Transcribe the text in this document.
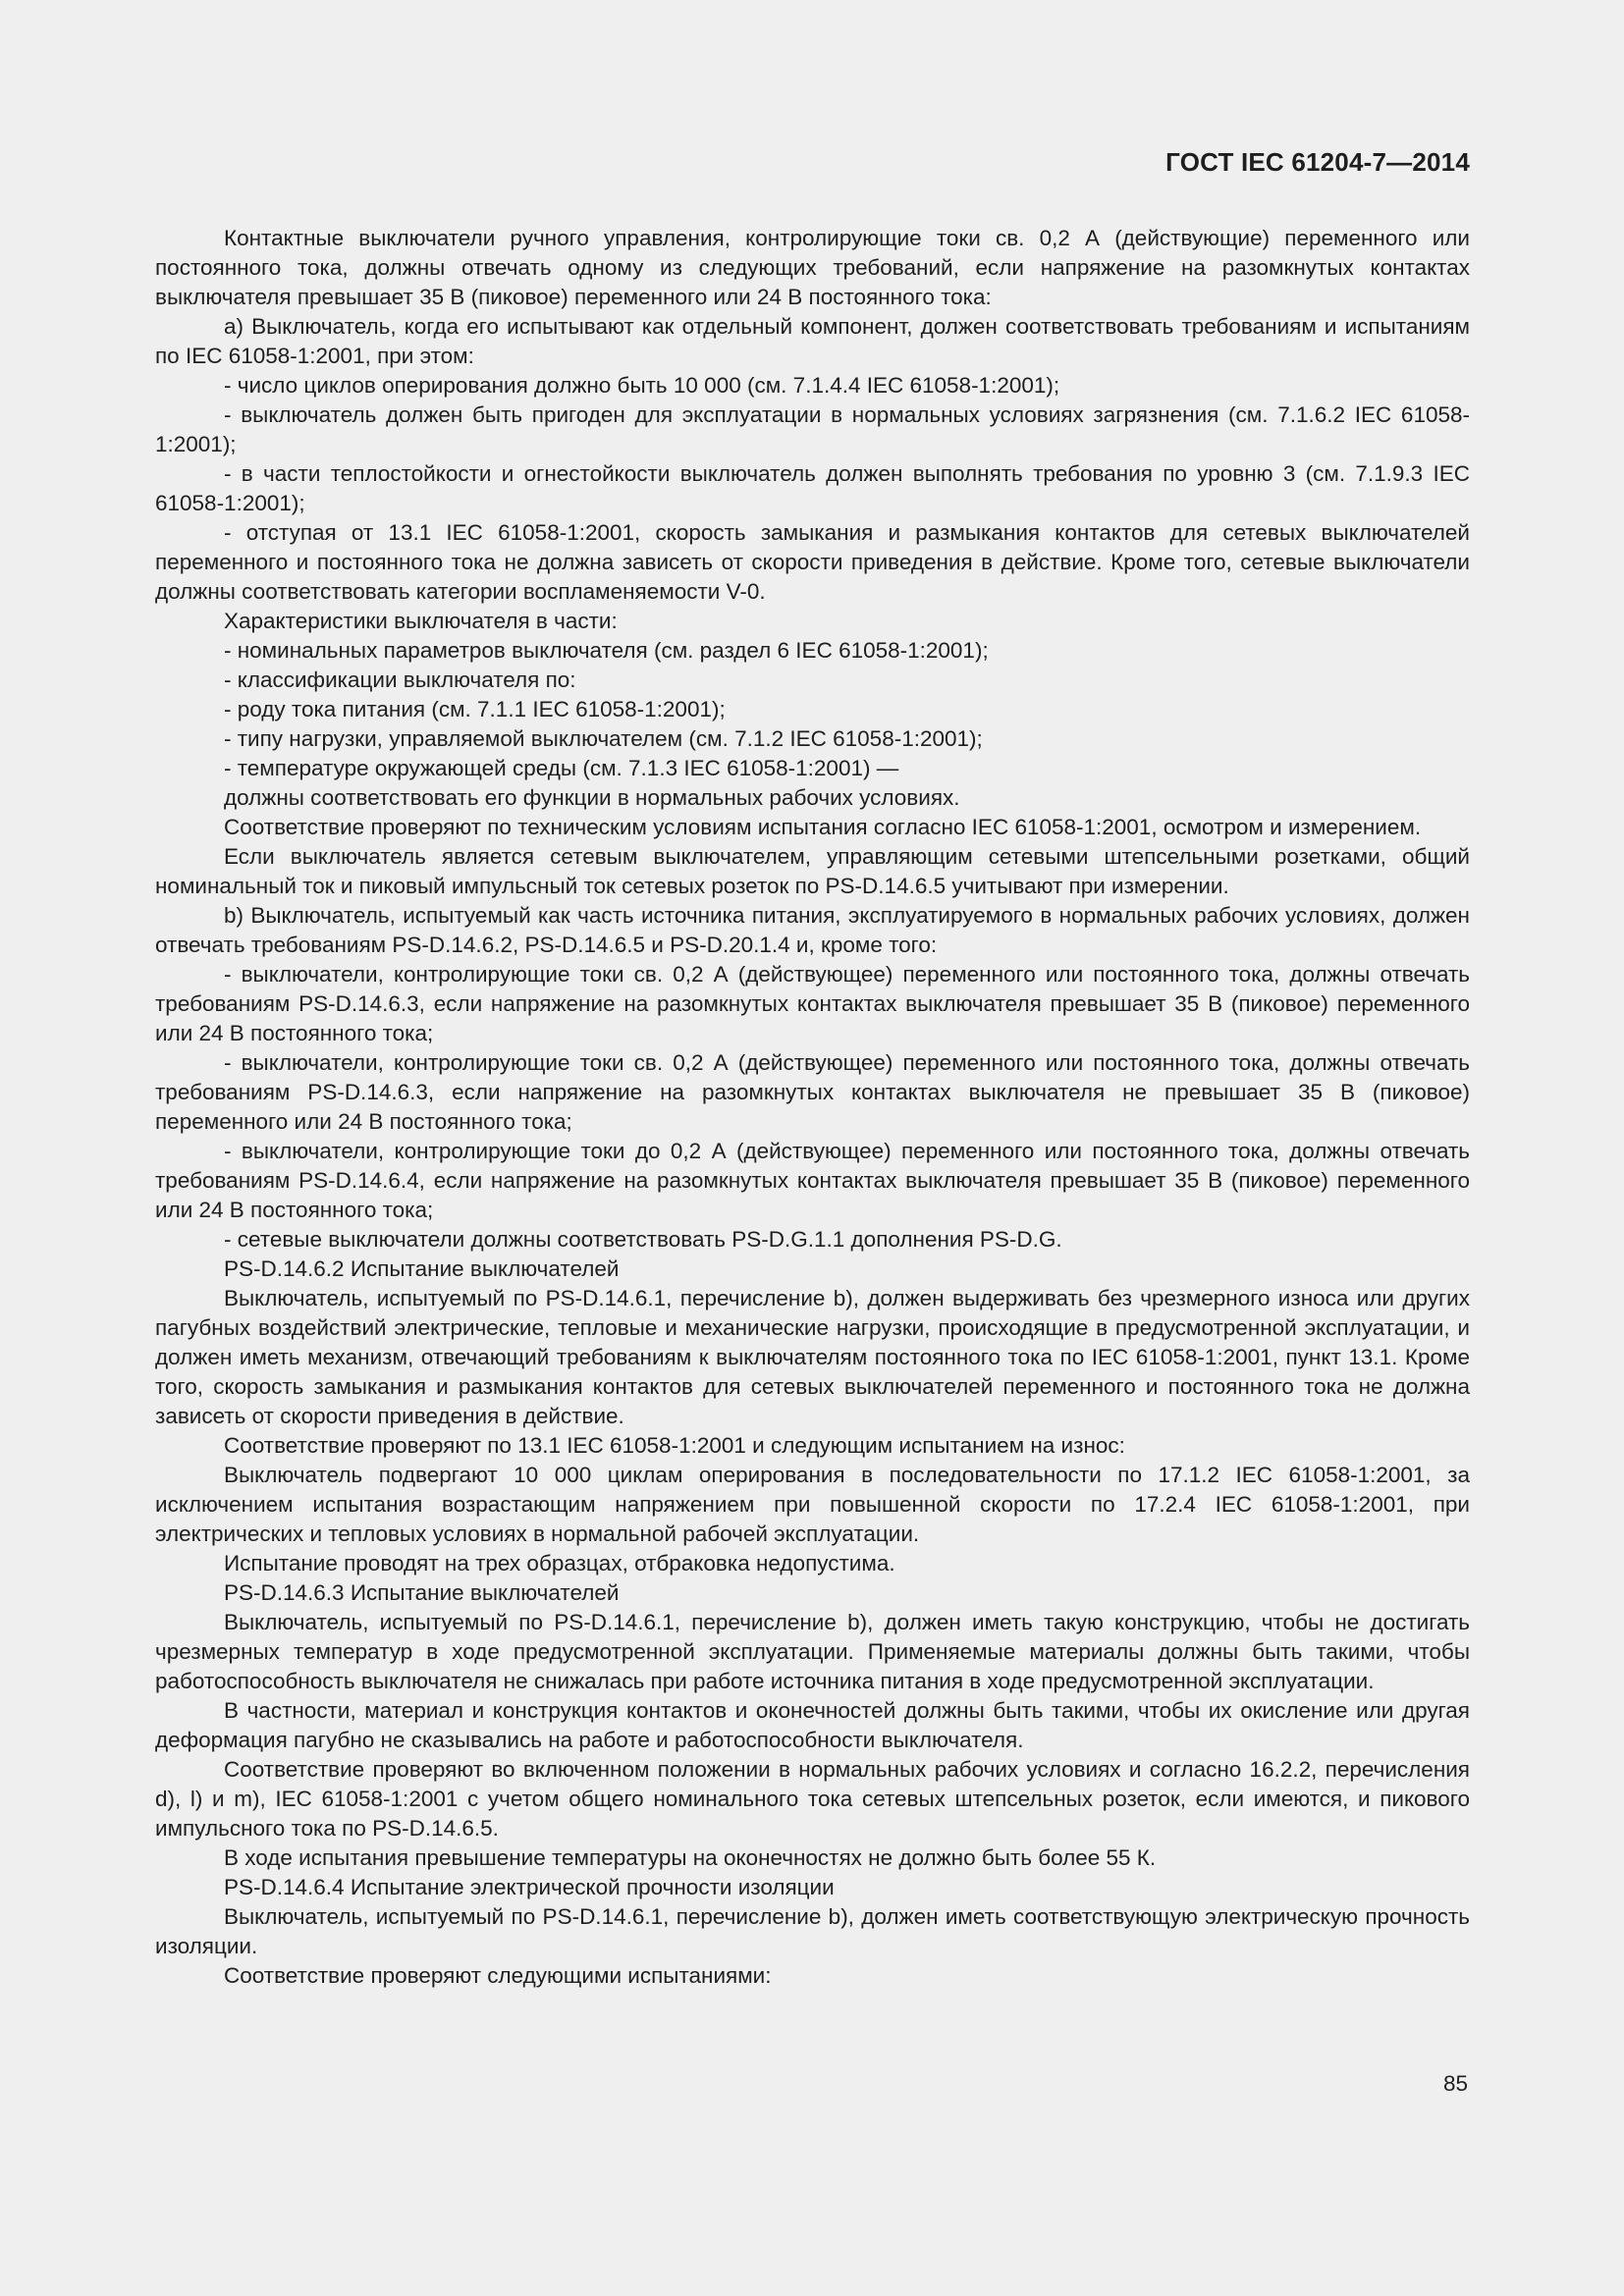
ГОСТ IEC 61204-7—2014

Контактные выключатели ручного управления, контролирующие токи св. 0,2 А (действующие) переменного или постоянного тока, должны отвечать одному из следующих требований, если напряжение на разомкнутых контактах выключателя превышает 35 В (пиковое) переменного или 24 В постоянного тока:

a) Выключатель, когда его испытывают как отдельный компонент, должен соответствовать требованиям и испытаниям по IEC 61058-1:2001, при этом:

- число циклов оперирования должно быть 10 000 (см. 7.1.4.4 IEC 61058-1:2001);

- выключатель должен быть пригоден для эксплуатации в нормальных условиях загрязнения (см. 7.1.6.2 IEC 61058-1:2001);

- в части теплостойкости и огнестойкости выключатель должен выполнять требования по уровню 3 (см. 7.1.9.3 IEC 61058-1:2001);

- отступая от 13.1 IEC 61058-1:2001, скорость замыкания и размыкания контактов для сетевых выключателей переменного и постоянного тока не должна зависеть от скорости приведения в действие. Кроме того, сетевые выключатели должны соответствовать категории воспламеняемости V-0.

Характеристики выключателя в части:

- номинальных параметров выключателя (см. раздел 6 IEC 61058-1:2001);

- классификации выключателя по:

- роду тока питания (см. 7.1.1 IEC 61058-1:2001);

- типу нагрузки, управляемой выключателем (см. 7.1.2 IEC 61058-1:2001);

- температуре окружающей среды (см. 7.1.3 IEC 61058-1:2001) —

должны соответствовать его функции в нормальных рабочих условиях.

Соответствие проверяют по техническим условиям испытания согласно IEC 61058-1:2001, осмотром и измерением.

Если выключатель является сетевым выключателем, управляющим сетевыми штепсельными розетками, общий номинальный ток и пиковый импульсный ток сетевых розеток по PS-D.14.6.5 учитывают при измерении.

b) Выключатель, испытуемый как часть источника питания, эксплуатируемого в нормальных рабочих условиях, должен отвечать требованиям PS-D.14.6.2, PS-D.14.6.5 и PS-D.20.1.4 и, кроме того:

- выключатели, контролирующие токи св. 0,2 А (действующее) переменного или постоянного тока, должны отвечать требованиям PS-D.14.6.3, если напряжение на разомкнутых контактах выключателя превышает 35 В (пиковое) переменного или 24 В постоянного тока;

- выключатели, контролирующие токи св. 0,2 А (действующее) переменного или постоянного тока, должны отвечать требованиям PS-D.14.6.3, если напряжение на разомкнутых контактах выключателя не превышает 35 В (пиковое) переменного или 24 В постоянного тока;

- выключатели, контролирующие токи до 0,2 А (действующее) переменного или постоянного тока, должны отвечать требованиям PS-D.14.6.4, если напряжение на разомкнутых контактах выключателя превышает 35 В (пиковое) переменного или 24 В постоянного тока;

- сетевые выключатели должны соответствовать PS-D.G.1.1 дополнения PS-D.G.

PS-D.14.6.2 Испытание выключателей

Выключатель, испытуемый по PS-D.14.6.1, перечисление b), должен выдерживать без чрезмерного износа или других пагубных воздействий электрические, тепловые и механические нагрузки, происходящие в предусмотренной эксплуатации, и должен иметь механизм, отвечающий требованиям к выключателям постоянного тока по IEC 61058-1:2001, пункт 13.1. Кроме того, скорость замыкания и размыкания контактов для сетевых выключателей переменного и постоянного тока не должна зависеть от скорости приведения в действие.

Соответствие проверяют по 13.1 IEC 61058-1:2001 и следующим испытанием на износ:

Выключатель подвергают 10 000 циклам оперирования в последовательности по 17.1.2 IEC 61058-1:2001, за исключением испытания возрастающим напряжением при повышенной скорости по 17.2.4 IEC 61058-1:2001, при электрических и тепловых условиях в нормальной рабочей эксплуатации.

Испытание проводят на трех образцах, отбраковка недопустима.

PS-D.14.6.3 Испытание выключателей

Выключатель, испытуемый по PS-D.14.6.1, перечисление b), должен иметь такую конструкцию, чтобы не достигать чрезмерных температур в ходе предусмотренной эксплуатации. Применяемые материалы должны быть такими, чтобы работоспособность выключателя не снижалась при работе источника питания в ходе предусмотренной эксплуатации.

В частности, материал и конструкция контактов и оконечностей должны быть такими, чтобы их окисление или другая деформация пагубно не сказывались на работе и работоспособности выключателя.

Соответствие проверяют во включенном положении в нормальных рабочих условиях и согласно 16.2.2, перечисления d), l) и m), IEC 61058-1:2001 с учетом общего номинального тока сетевых штепсельных розеток, если имеются, и пикового импульсного тока по PS-D.14.6.5.

В ходе испытания превышение температуры на оконечностях не должно быть более 55 К.

PS-D.14.6.4 Испытание электрической прочности изоляции

Выключатель, испытуемый по PS-D.14.6.1, перечисление b), должен иметь соответствующую электрическую прочность изоляции.

Соответствие проверяют следующими испытаниями:

85
